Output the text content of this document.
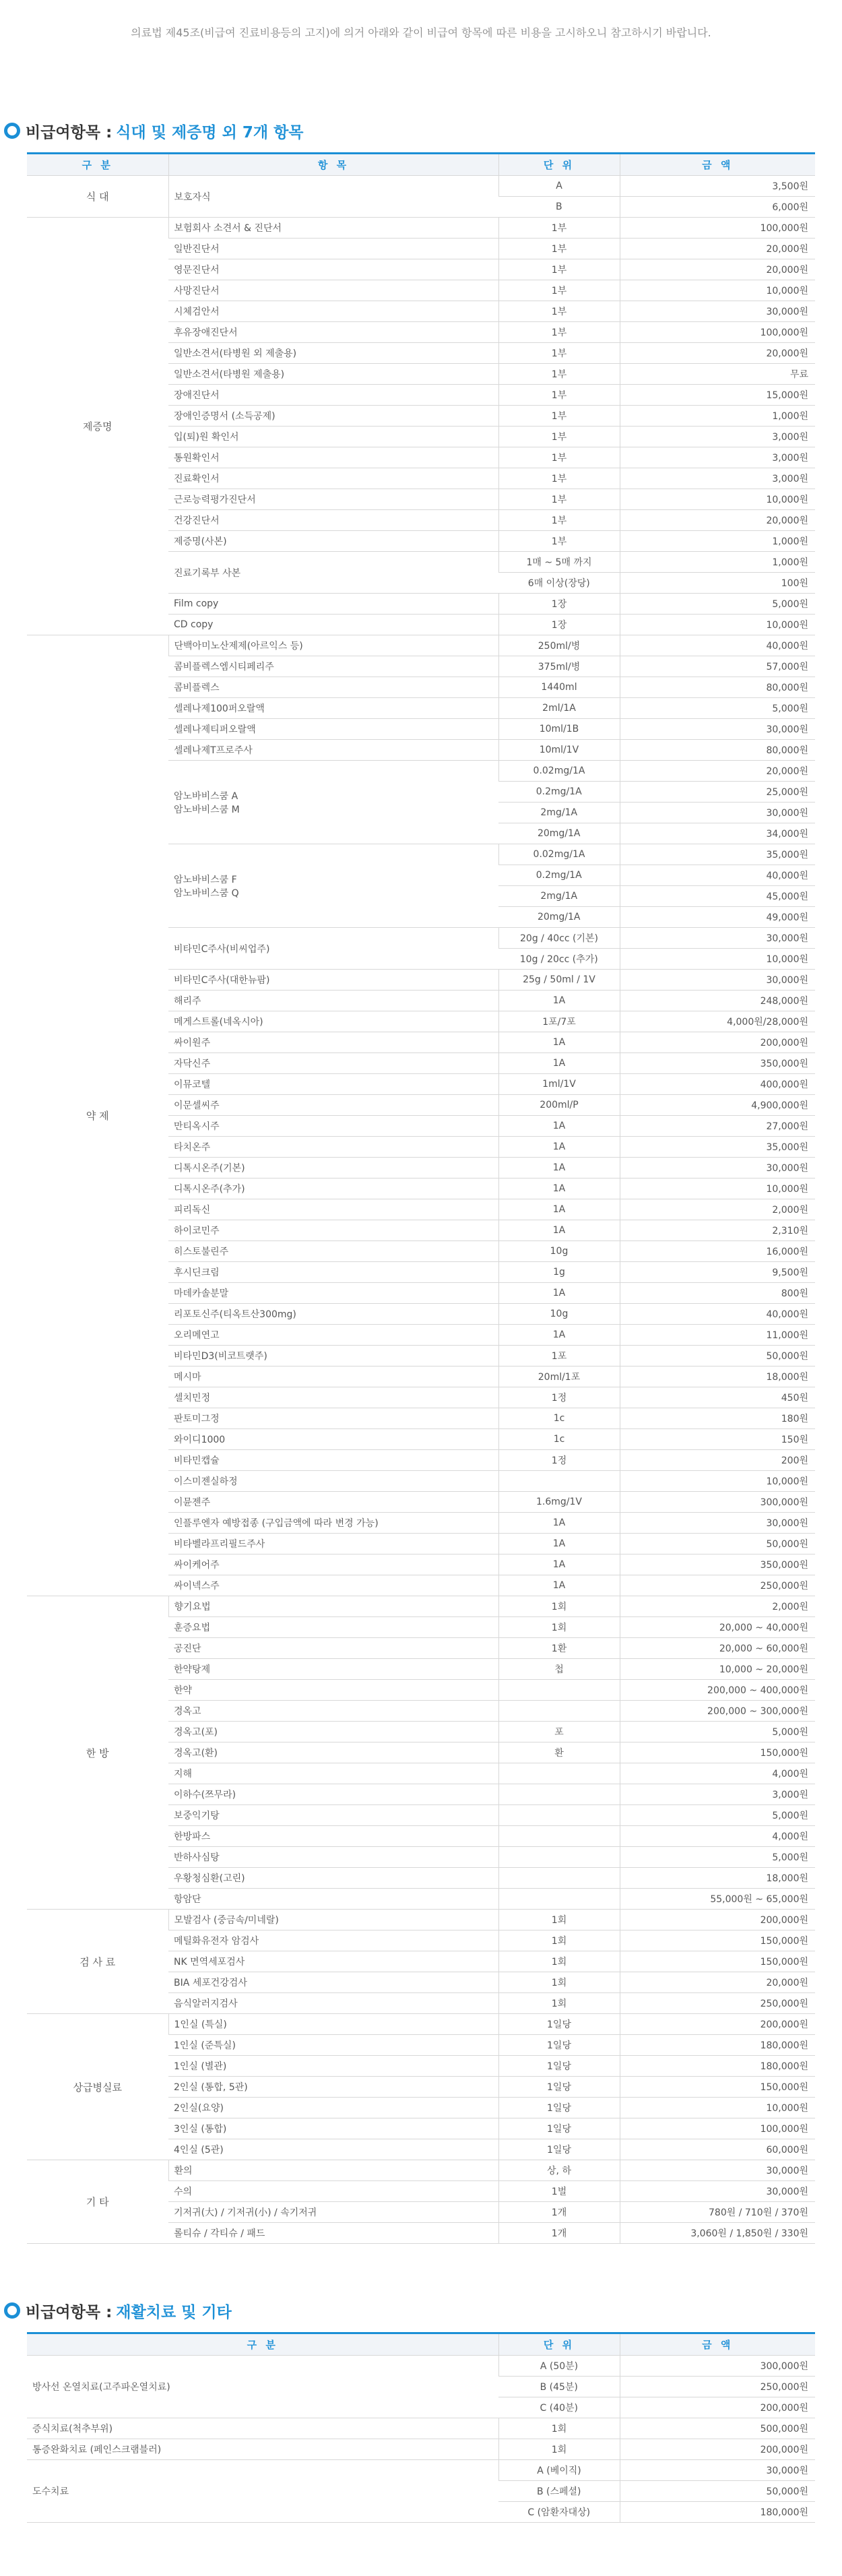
의료법 제45조(비급여 진료비용등의 고지)에 의거 아래와 같이 비급여 항목에 따른 비용을 고시하오니 참고하시기 바랍니다.
비급여항목 : 식대 및 제증명 외 7개 항목
구 분	항 목	단 위	금 액
식 대	보호자식	A	3,500원
		B	6,000원
제증명	보험회사 소견서 & 진단서	1부	100,000원
	일반진단서	1부	20,000원
	영문진단서	1부	20,000원
	사망진단서	1부	10,000원
	시체검안서	1부	30,000원
	후유장애진단서	1부	100,000원
	일반소견서(타병원 외 제출용)	1부	20,000원
	일반소견서(타병원 제출용)	1부	무료
	장애진단서	1부	15,000원
	장애인증명서 (소득공제)	1부	1,000원
	입(퇴)원 확인서	1부	3,000원
	통원확인서	1부	3,000원
	진료확인서	1부	3,000원
	근로능력평가진단서	1부	10,000원
	건강진단서	1부	20,000원
	제증명(사본)	1부	1,000원
	진료기록부 사본	1매 ~ 5매 까지	1,000원
		6매 이상(장당)	100원
	Film copy	1장	5,000원
	CD copy	1장	10,000원
약 제	단백아미노산제제(아르익스 등)	250ml/병	40,000원
	콤비플렉스엠시티페리주	375ml/병	57,000원
	콤비플렉스	1440ml	80,000원
	셀레나제100퍼오랄액	2ml/1A	5,000원
	셀레나제티퍼오랄액	10ml/1B	30,000원
	셀레나제T프로주사	10ml/1V	80,000원
	암노바비스쿰 A
암노바비스쿰 M	0.02mg/1A	20,000원
		0.2mg/1A	25,000원
		2mg/1A	30,000원
		20mg/1A	34,000원
	암노바비스쿰 F
암노바비스쿰 Q	0.02mg/1A	35,000원
		0.2mg/1A	40,000원
		2mg/1A	45,000원
		20mg/1A	49,000원
	비타민C주사(비씨업주)	20g / 40cc (기본)	30,000원
		10g / 20cc (추가)	10,000원
	비타민C주사(대한뉴팜)	25g / 50ml / 1V	30,000원
	해리주	1A	248,000원
	메게스트롤(네옥시아)	1포/7포	4,000원/28,000원
	싸이원주	1A	200,000원
	자닥신주	1A	350,000원
	이뮤코텔	1ml/1V	400,000원
	이문셀씨주	200ml/P	4,900,000원
	만티옥시주	1A	27,000원
	타치온주	1A	35,000원
	디톡시온주(기본)	1A	30,000원
	디톡시온주(추가)	1A	10,000원
	피리독신	1A	2,000원
	하이코민주	1A	2,310원
	히스토불린주	10g	16,000원
	후시딘크림	1g	9,500원
	마데카솔분말	1A	800원
	리포토신주(티옥트산300mg)	10g	40,000원
	오리메연고	1A	11,000원
	비타민D3(비코트랫주)	1포	50,000원
	메시마	20ml/1포	18,000원
	셀치민정	1정	450원
	판토미그정	1c	180원
	와이디1000	1c	150원
	비타민캡슐	1정	200원
	이스미젠실하정		10,000원
	이뮨젠주	1.6mg/1V	300,000원
	인플루엔자 예방접종 (구입금액에 따라 변경 가능)	1A	30,000원
	비타벨라프리필드주사	1A	50,000원
	싸이케어주	1A	350,000원
	싸이넥스주	1A	250,000원
한 방	향기요법	1회	2,000원
	훈증요법	1회	20,000 ~ 40,000원
	공진단	1환	20,000 ~ 60,000원
	한약탕제	첩	10,000 ~ 20,000원
	한약		200,000 ~ 400,000원
	경옥고		200,000 ~ 300,000원
	경옥고(포)	포	5,000원
	경옥고(환)	환	150,000원
	지해		4,000원
	이하수(쯔무라)		3,000원
	보중익기탕		5,000원
	한방파스		4,000원
	반하사심탕		5,000원
	우황청심환(고린)		18,000원
	항암단		55,000원 ~ 65,000원
검 사 료	모발검사 (중금속/미네랄)	1회	200,000원
	메틸화유전자 암검사	1회	150,000원
	NK 면역세포검사	1회	150,000원
	BIA 세포건강검사	1회	20,000원
	음식알러지검사	1회	250,000원
상급병실료	1인실 (특실)	1일당	200,000원
	1인실 (준특실)	1일당	180,000원
	1인실 (별관)	1일당	180,000원
	2인실 (통합, 5관)	1일당	150,000원
	2인실(요양)	1일당	10,000원
	3인실 (통합)	1일당	100,000원
	4인실 (5관)	1일당	60,000원
기 타	환의	상, 하	30,000원
	수의	1벌	30,000원
	기저귀(大) / 기저귀(小) / 속기저귀	1개	780원 / 710원 / 370원
	롤티슈 / 각티슈 / 패드	1개	3,060원 / 1,850원 / 330원
비급여항목 : 재활치료 및 기타
구 분	단 위	금 액
방사선 온열치료(고주파온열치료)	A (50분)	300,000원
	B (45분)	250,000원
	C (40분)	200,000원
증식치료(척추부위)	1회	500,000원
통증완화치료 (페인스크램블러)	1회	200,000원
도수치료	A (베이직)	30,000원
	B (스페셜)	50,000원
	C (암환자대상)	180,000원
